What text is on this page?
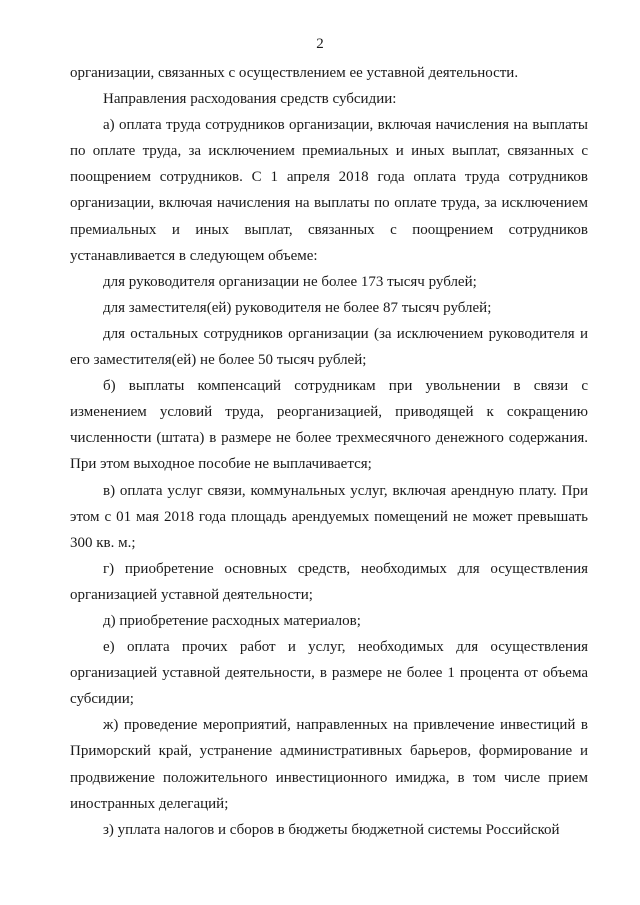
2

организации, связанных с осуществлением ее уставной деятельности.

Направления расходования средств субсидии:

а) оплата труда сотрудников организации, включая начисления на выплаты по оплате труда, за исключением премиальных и иных выплат, связанных с поощрением сотрудников. С 1 апреля 2018 года оплата труда сотрудников организации, включая начисления на выплаты по оплате труда, за исключением премиальных и иных выплат, связанных с поощрением сотрудников устанавливается в следующем объеме:

для руководителя организации не более 173 тысяч рублей;

для заместителя(ей) руководителя не более 87 тысяч рублей;

для остальных сотрудников организации (за исключением руководителя и его заместителя(ей) не более 50 тысяч рублей;

б) выплаты компенсаций сотрудникам при увольнении в связи с изменением условий труда, реорганизацией, приводящей к сокращению численности (штата) в размере не более трехмесячного денежного содержания. При этом выходное пособие не выплачивается;

в) оплата услуг связи, коммунальных услуг, включая арендную плату. При этом с 01 мая 2018 года площадь арендуемых помещений не может превышать 300 кв. м.;

г) приобретение основных средств, необходимых для осуществления организацией уставной деятельности;

д) приобретение расходных материалов;

е) оплата прочих работ и услуг, необходимых для осуществления организацией уставной деятельности, в размере не более 1 процента от объема субсидии;

ж) проведение мероприятий, направленных на привлечение инвестиций в Приморский край, устранение административных барьеров, формирование и продвижение положительного инвестиционного имиджа, в том числе прием иностранных делегаций;

з) уплата налогов и сборов в бюджеты бюджетной системы Российской
